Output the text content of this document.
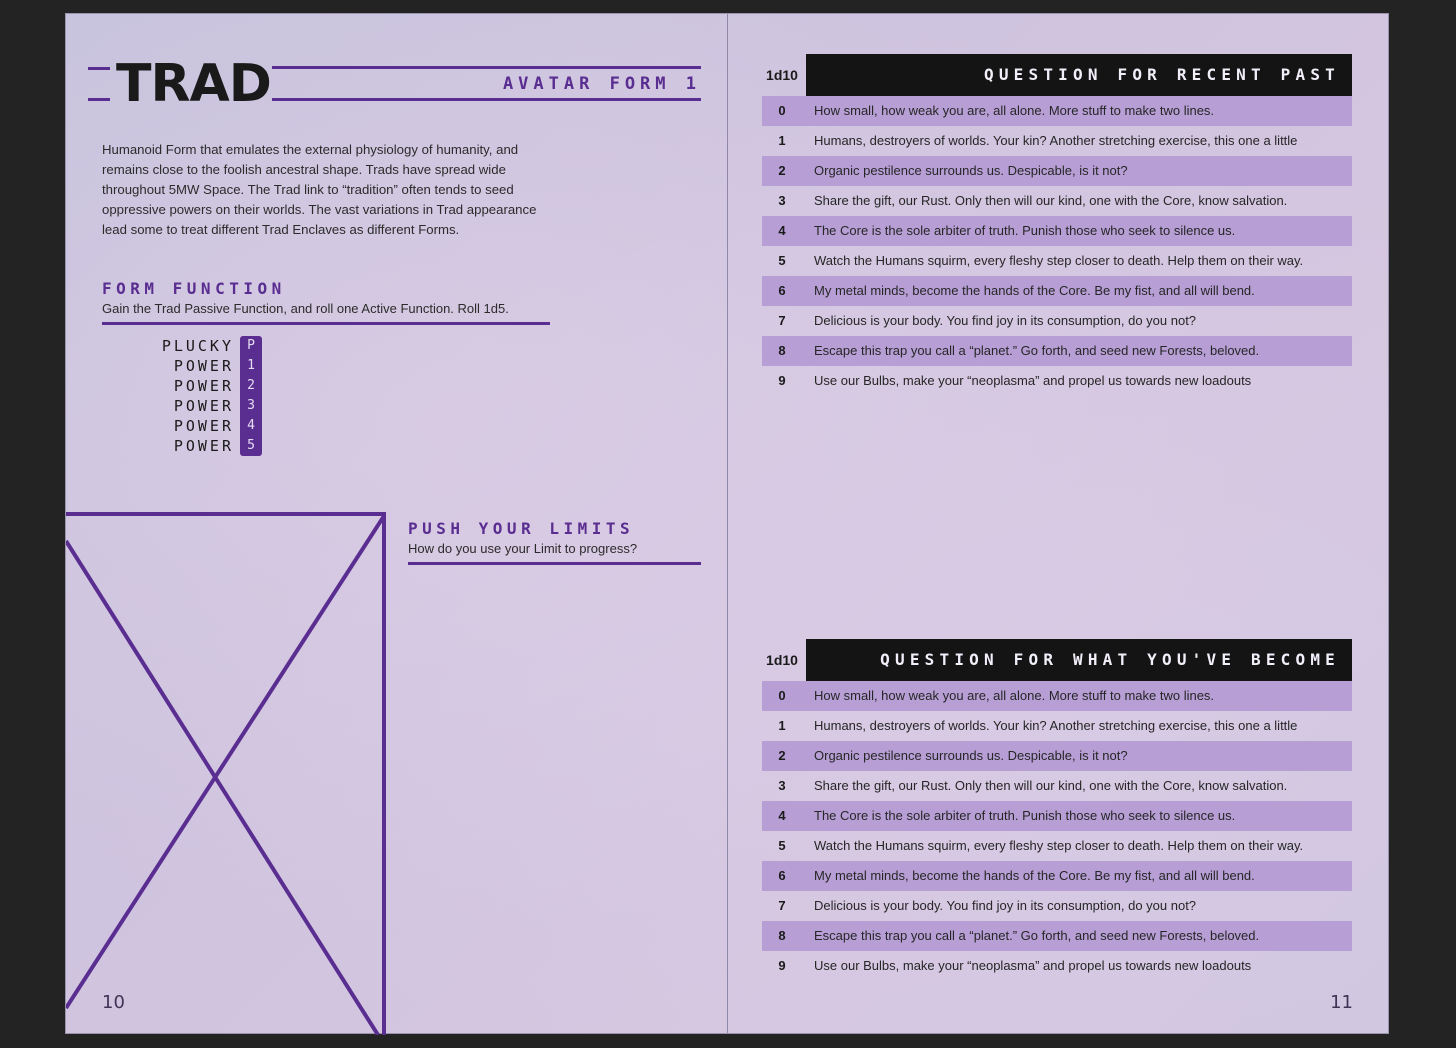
TRAD	AVATAR FORM 1
Humanoid Form that emulates the external physiology of humanity, and remains close to the foolish ancestral shape. Trads have spread wide throughout 5MW Space. The Trad link to “tradition” often tends to seed oppressive powers on their worlds. The vast variations in Trad appearance lead some to treat different Trad Enclaves as different Forms.
FORM FUNCTION
Gain the Trad Passive Function, and roll one Active Function. Roll 1d5.
PLUCKY	P
POWER	1
POWER	2
POWER	3
POWER	4
POWER	5
PUSH YOUR LIMITS
How do you use your Limit to progress?
10
1d10	QUESTION FOR RECENT PAST
0	How small, how weak you are, all alone. More stuff to make two lines.
1	Humans, destroyers of worlds. Your kin? Another stretching exercise, this one a little
2	Organic pestilence surrounds us. Despicable, is it not?
3	Share the gift, our Rust. Only then will our kind, one with the Core, know salvation.
4	The Core is the sole arbiter of truth. Punish those who seek to silence us.
5	Watch the Humans squirm, every fleshy step closer to death. Help them on their way.
6	My metal minds, become the hands of the Core. Be my fist, and all will bend.
7	Delicious is your body. You find joy in its consumption, do you not?
8	Escape this trap you call a “planet.” Go forth, and seed new Forests, beloved.
9	Use our Bulbs, make your “neoplasma” and propel us towards new loadouts
1d10	QUESTION FOR WHAT YOU'VE BECOME
0	How small, how weak you are, all alone. More stuff to make two lines.
1	Humans, destroyers of worlds. Your kin? Another stretching exercise, this one a little
2	Organic pestilence surrounds us. Despicable, is it not?
3	Share the gift, our Rust. Only then will our kind, one with the Core, know salvation.
4	The Core is the sole arbiter of truth. Punish those who seek to silence us.
5	Watch the Humans squirm, every fleshy step closer to death. Help them on their way.
6	My metal minds, become the hands of the Core. Be my fist, and all will bend.
7	Delicious is your body. You find joy in its consumption, do you not?
8	Escape this trap you call a “planet.” Go forth, and seed new Forests, beloved.
9	Use our Bulbs, make your “neoplasma” and propel us towards new loadouts
11
